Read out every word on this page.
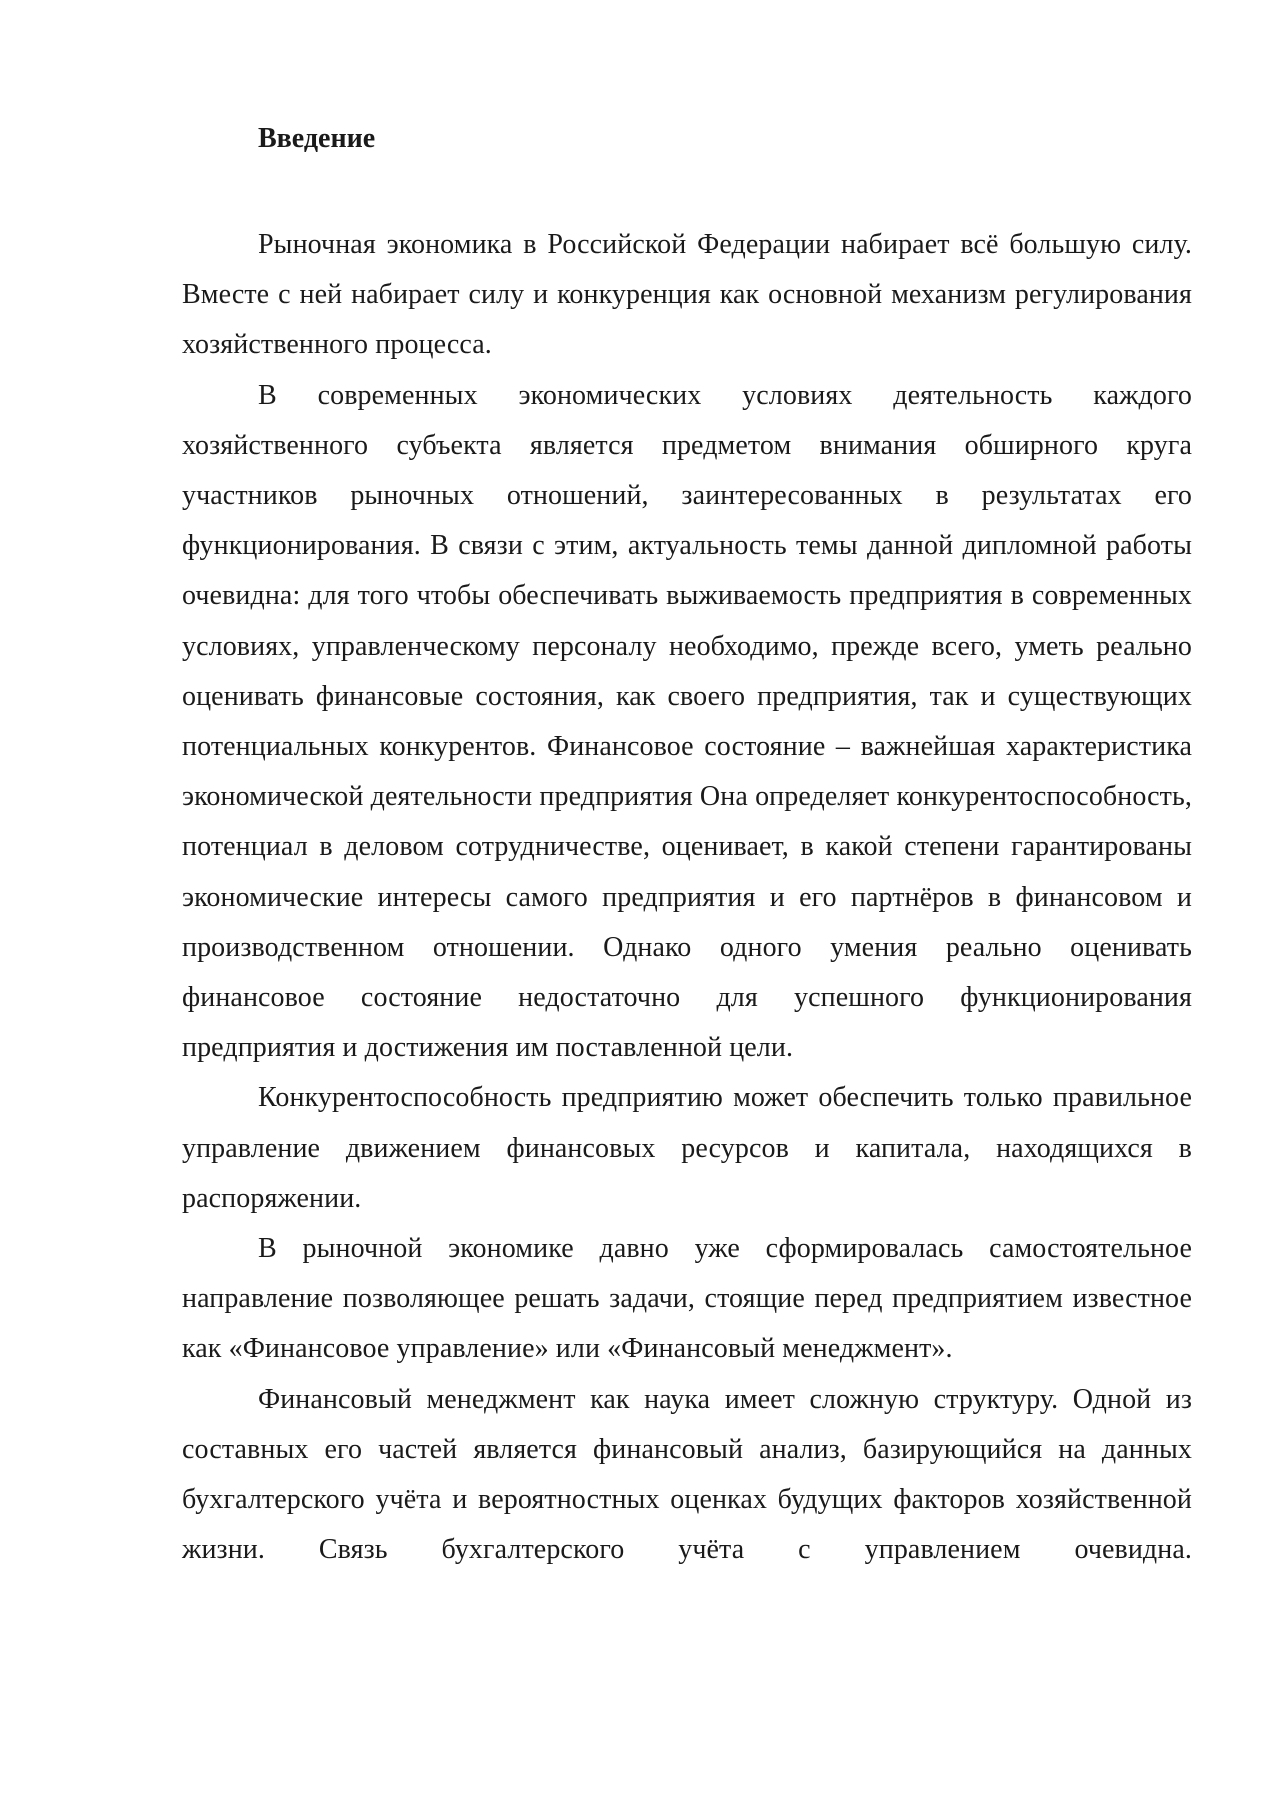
Введение

Рыночная экономика в Российской Федерации набирает всё большую силу. Вместе с ней набирает силу и конкуренция как основной механизм регулирования хозяйственного процесса.

В современных экономических условиях деятельность каждого хозяйственного субъекта является предметом внимания обширного круга участников рыночных отношений, заинтересованных в результатах его функционирования. В связи с этим, актуальность темы данной дипломной работы очевидна: для того чтобы обеспечивать выживаемость предприятия в современных условиях, управленческому персоналу необходимо, прежде всего, уметь реально оценивать финансовые состояния, как своего предприятия, так и существующих потенциальных конкурентов. Финансовое состояние – важнейшая характеристика экономической деятельности предприятия Она определяет конкурентоспособность, потенциал в деловом сотрудничестве, оценивает, в какой степени гарантированы экономические интересы самого предприятия и его партнёров в финансовом и производственном отношении. Однако одного умения реально оценивать финансовое состояние недостаточно для успешного функционирования предприятия и достижения им поставленной цели.

Конкурентоспособность предприятию может обеспечить только правильное управление движением финансовых ресурсов и капитала, находящихся в распоряжении.

В рыночной экономике давно уже сформировалась самостоятельное направление позволяющее решать задачи, стоящие перед предприятием известное как «Финансовое управление» или «Финансовый менеджмент».

Финансовый менеджмент как наука имеет сложную структуру. Одной из составных его частей является финансовый анализ, базирующийся на данных бухгалтерского учёта и вероятностных оценках будущих факторов хозяйственной жизни. Связь бухгалтерского учёта с управлением очевидна.
